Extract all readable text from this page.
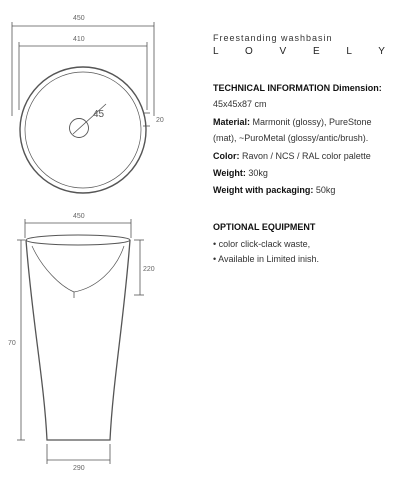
450
410
45
20
450
220
70
290
Freestanding washbasin
L O V E L Y
TECHNICAL INFORMATION Dimension:
45x45x87 cm
Material: Marmonit (glossy), PureStone
(mat), ~PuroMetal (glossy/antic/brush).
Color: Ravon / NCS / RAL color palette
Weight: 30kg
Weight with packaging: 50kg
OPTIONAL EQUIPMENT
• color click-clack waste,
• Available in Limited inish.
